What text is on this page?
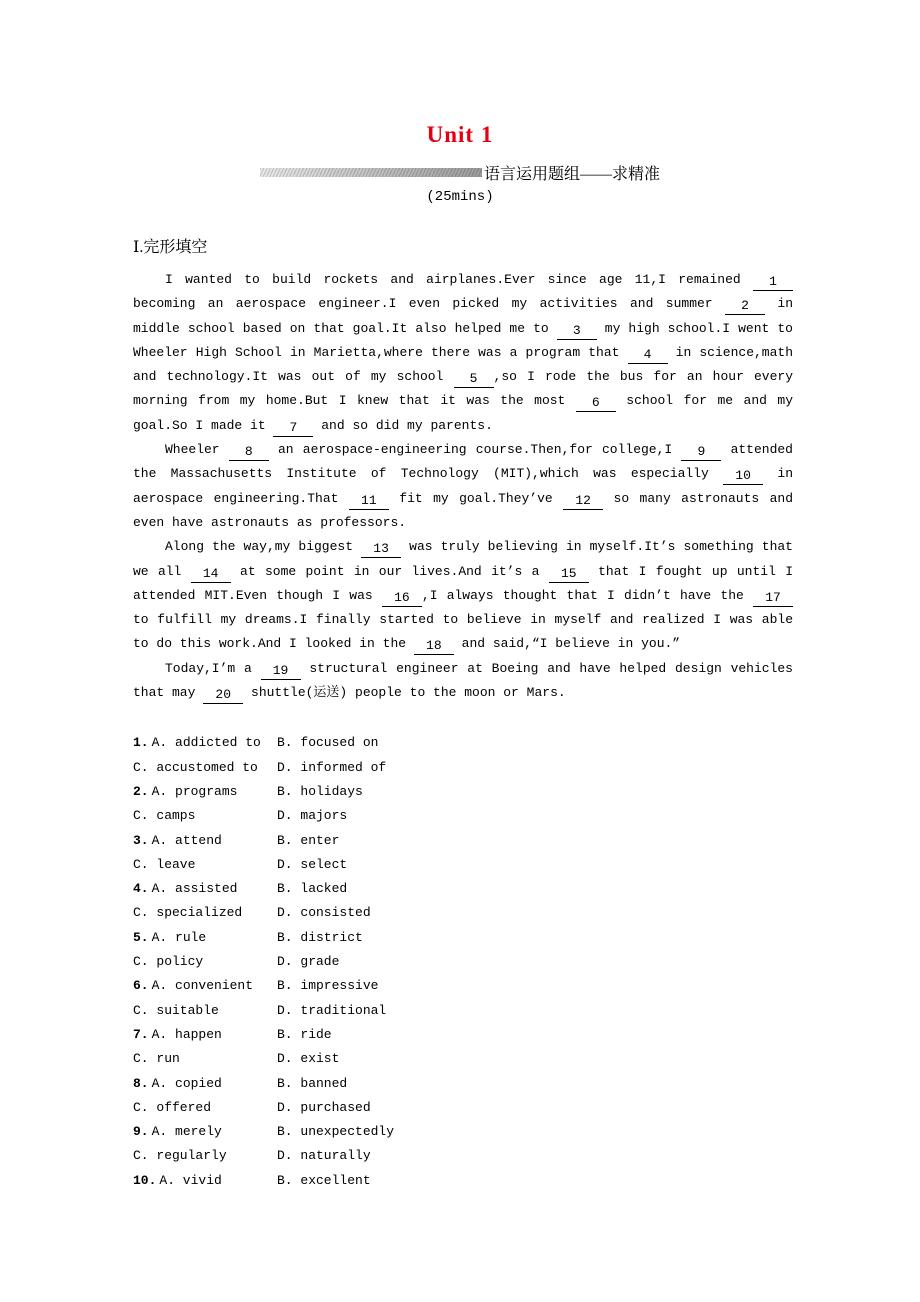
Unit 1
语言运用题组——求精准
(25mins)
Ⅰ.完形填空

I wanted to build rockets and airplanes.Ever since age 11,I remained 1 becoming an aerospace engineer.I even picked my activities and summer 2 in middle school based on that goal.It also helped me to 3 my high school.I went to Wheeler High School in Marietta,where there was a program that 4 in science,math and technology.It was out of my school 5 ,so I rode the bus for an hour every morning from my home.But I knew that it was the most 6 school for me and my goal.So I made it 7 and so did my parents.

Wheeler 8 an aerospace-engineering course.Then,for college,I 9 attended the Massachusetts Institute of Technology (MIT),which was especially 10 in aerospace engineering.That 11 fit my goal.They’ve 12 so many astronauts and even have astronauts as professors.

Along the way,my biggest 13 was truly believing in myself.It’s something that we all 14 at some point in our lives.And it’s a 15 that I fought up until I attended MIT.Even though I was 16 ,I always thought that I didn’t have the 17 to fulfill my dreams.I finally started to believe in myself and realized I was able to do this work.And I looked in the 18 and said,“I believe in you.”

Today,I’m a 19 structural engineer at Boeing and have helped design vehicles that may 20 shuttle(运送) people to the moon or Mars.

1. A. addicted to	B. focused on
C. accustomed to	D. informed of
2. A. programs	B. holidays
C. camps	D. majors
3. A. attend	B. enter
C. leave	D. select
4. A. assisted	B. lacked
C. specialized	D. consisted
5. A. rule	B. district
C. policy	D. grade
6. A. convenient	B. impressive
C. suitable	D. traditional
7. A. happen	B. ride
C. run	D. exist
8. A. copied	B. banned
C. offered	D. purchased
9. A. merely	B. unexpectedly
C. regularly	D. naturally
10. A. vivid	B. excellent
